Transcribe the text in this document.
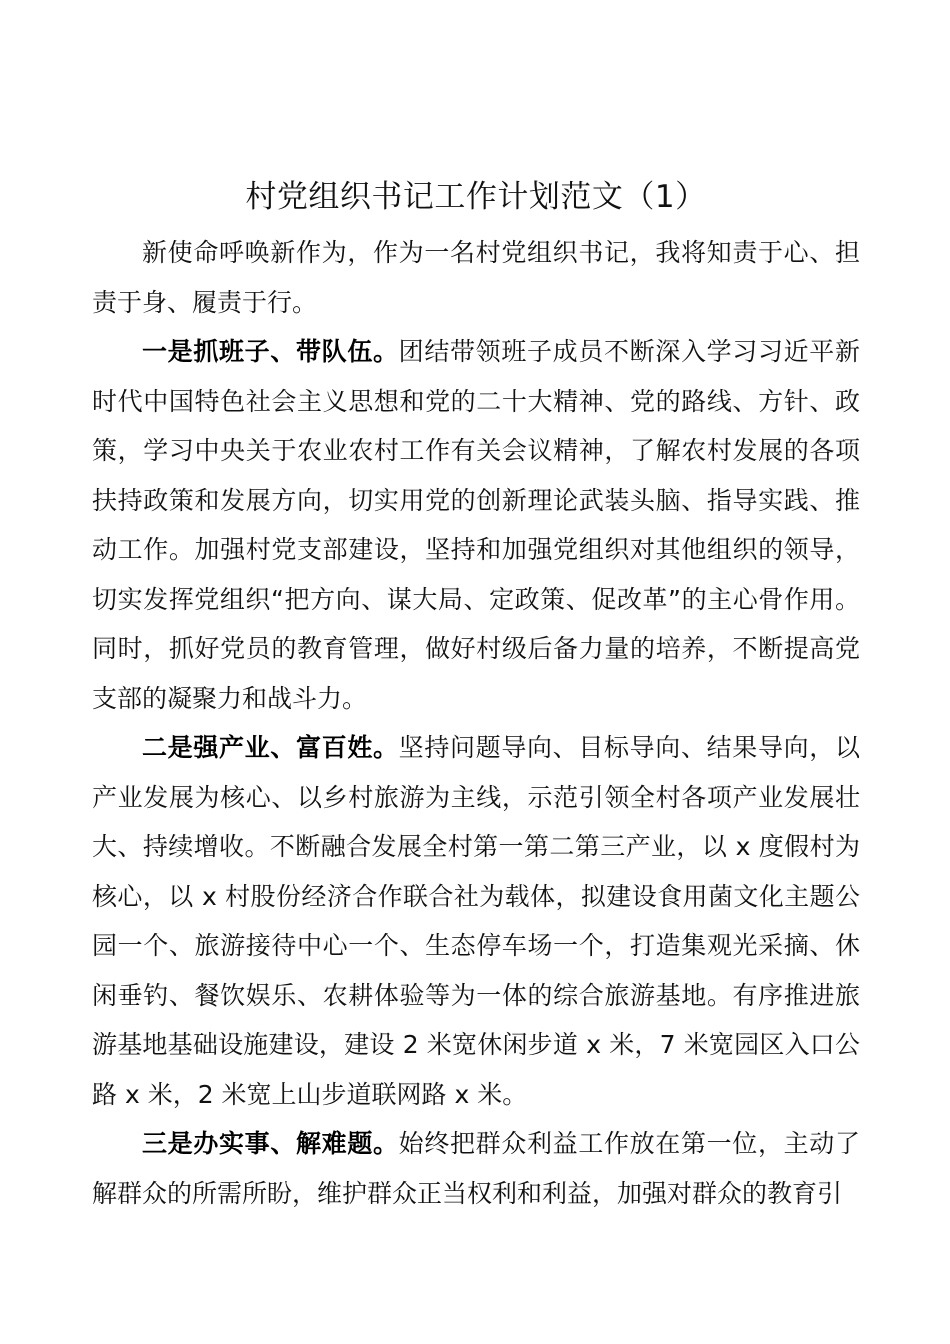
村党组织书记工作计划范文（1）

新使命呼唤新作为，作为一名村党组织书记，我将知责于心、担责于身、履责于行。

一是抓班子、带队伍。团结带领班子成员不断深入学习习近平新时代中国特色社会主义思想和党的二十大精神、党的路线、方针、政策，学习中央关于农业农村工作有关会议精神，了解农村发展的各项扶持政策和发展方向，切实用党的创新理论武装头脑、指导实践、推动工作。加强村党支部建设，坚持和加强党组织对其他组织的领导，切实发挥党组织“把方向、谋大局、定政策、促改革”的主心骨作用。同时，抓好党员的教育管理，做好村级后备力量的培养，不断提高党支部的凝聚力和战斗力。

二是强产业、富百姓。坚持问题导向、目标导向、结果导向，以产业发展为核心、以乡村旅游为主线，示范引领全村各项产业发展壮大、持续增收。不断融合发展全村第一第二第三产业，以 x 度假村为核心，以 x 村股份经济合作联合社为载体，拟建设食用菌文化主题公园一个、旅游接待中心一个、生态停车场一个，打造集观光采摘、休闲垂钓、餐饮娱乐、农耕体验等为一体的综合旅游基地。有序推进旅游基地基础设施建设，建设 2 米宽休闲步道 x 米，7 米宽园区入口公路 x 米，2 米宽上山步道联网路 x 米。

三是办实事、解难题。始终把群众利益工作放在第一位，主动了解群众的所需所盼，维护群众正当权利和利益，加强对群众的教育引
